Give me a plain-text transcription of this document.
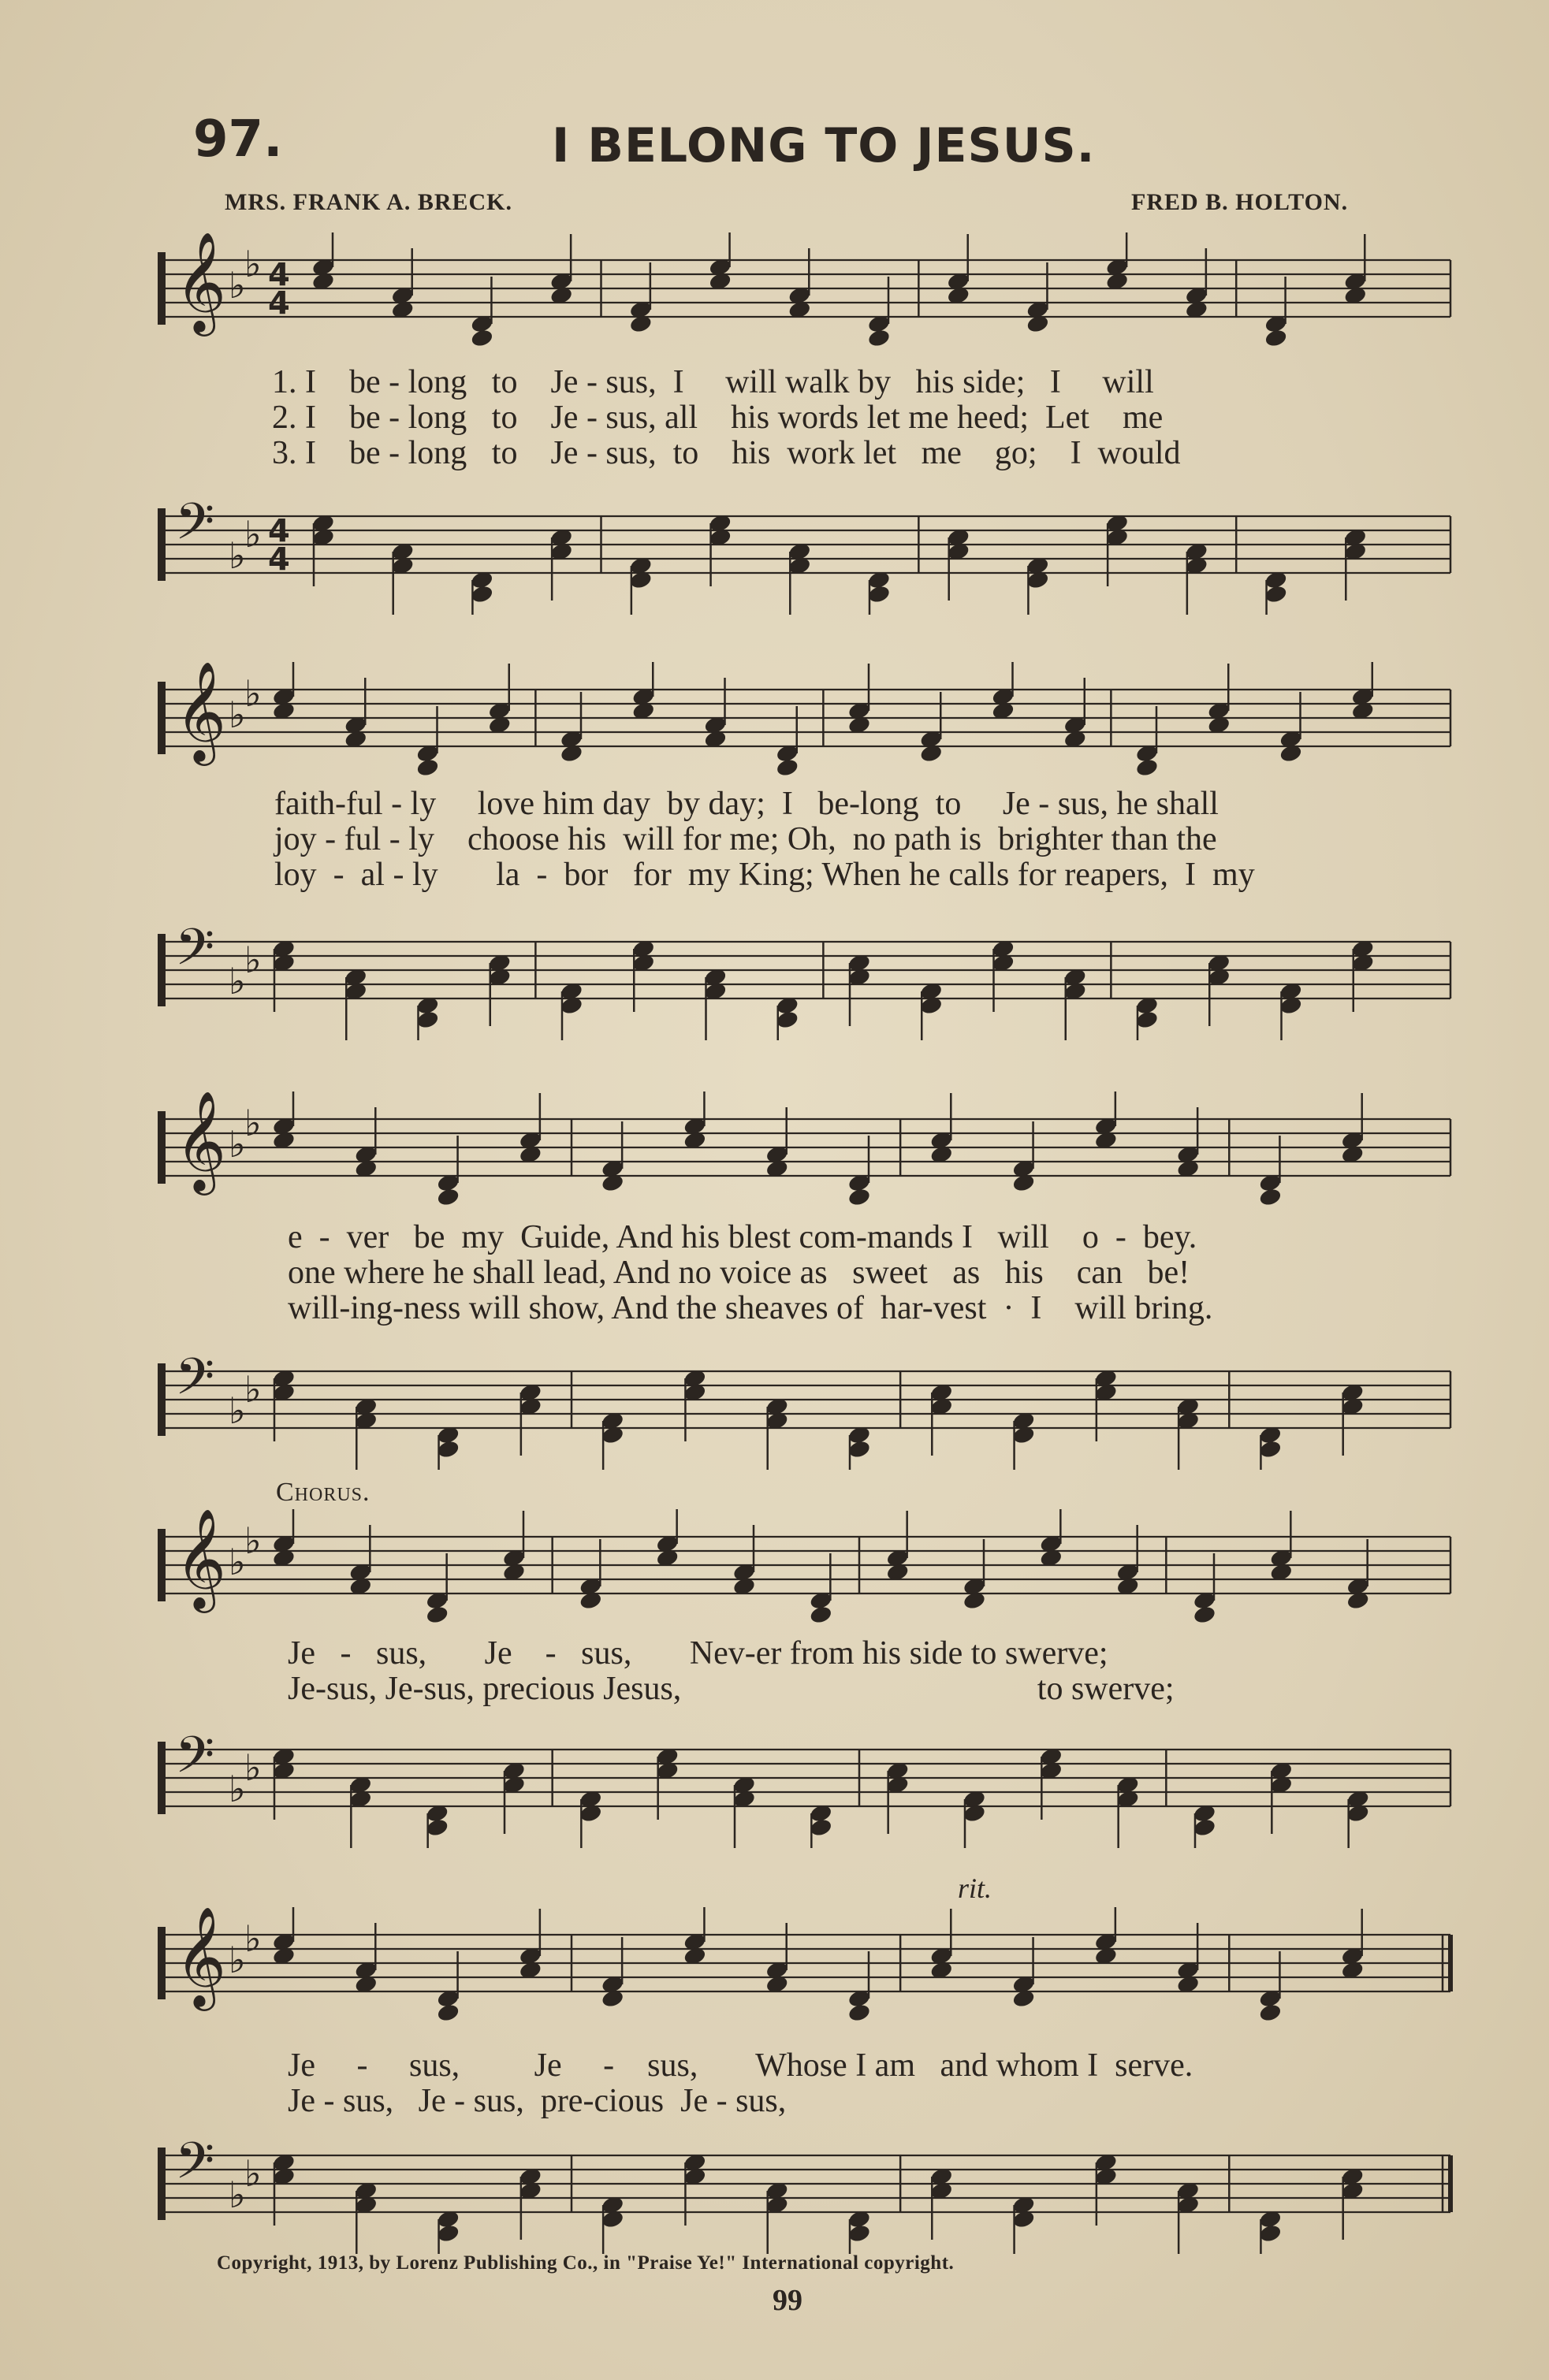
97.	I BELONG TO JESUS.
MRS. FRANK A. BRECK.	FRED B. HOLTON.
𝄞 ♭
♭ 4
4
1. I    be - long   to    Je - sus,  I     will walk by   his side;   I     will
2. I    be - long   to    Je - sus, all    his words let me heed;  Let    me
3. I    be - long   to    Je - sus,  to    his  work let   me    go;    I  would
𝄢 ♭
♭ 4
4
𝄞 ♭
♭
faith-ful - ly     love him day  by day;  I   be-long  to     Je - sus, he shall
joy - ful - ly    choose his  will for me; Oh,  no path is  brighter than the
loy  -  al - ly       la  -  bor   for  my King; When he calls for reapers,  I  my
𝄢 ♭
♭
𝄞 ♭
♭
e  -  ver   be  my  Guide, And his blest com-mands I   will    o  -  bey.
one where he shall lead, And no voice as   sweet   as   his    can   be!
will-ing-ness will show, And the sheaves of  har-vest  ·  I    will bring.
𝄢 ♭
♭
Chorus.
𝄞 ♭
♭
Je   -   sus,       Je    -   sus,       Nev-er from his side to swerve;
Je-sus, Je-sus, precious Jesus,                                           to swerve;
𝄢 ♭
♭
rit.
𝄞 ♭
♭
Je     -     sus,         Je     -    sus,       Whose I am   and whom I  serve.
Je - sus,   Je - sus,  pre-cious  Je - sus,
𝄢 ♭
♭
Copyright, 1913, by Lorenz Publishing Co., in "Praise Ye!" International copyright.
99
